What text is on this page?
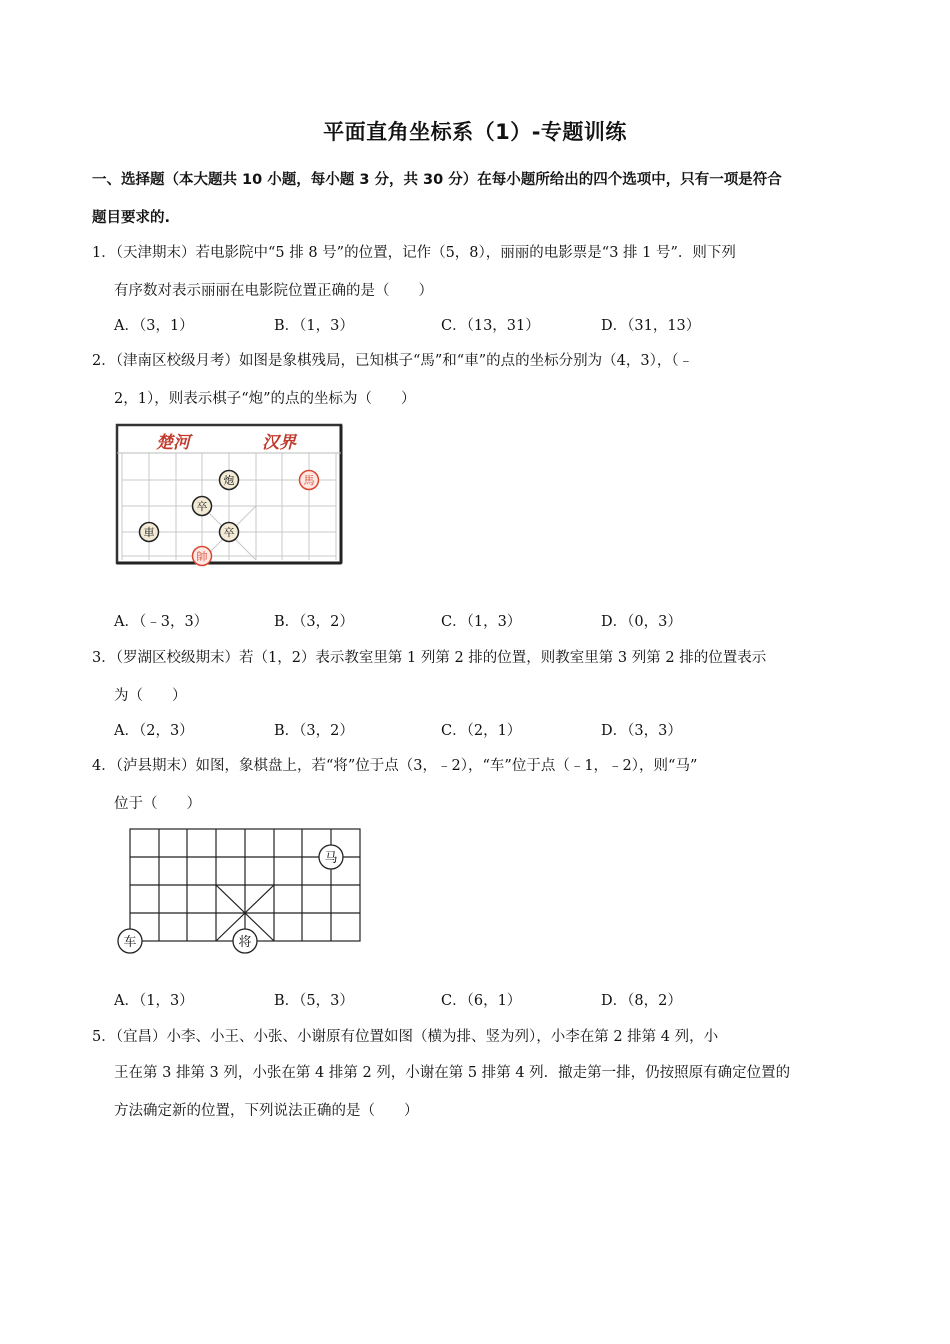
平面直角坐标系（1）-专题训练
一、选择题（本大题共 10 小题，每小题 3 分，共 30 分）在每小题所给出的四个选项中，只有一项是符合
题目要求的.
1．（天津期末）若电影院中“5 排 8 号”的位置，记作（5，8），丽丽的电影票是“3 排 1 号”．则下列
有序数对表示丽丽在电影院位置正确的是（　　）
A．（3，1）	B．（1，3）	C．（13，31）	D．（31，13）
2．（津南区校级月考）如图是象棋残局，已知棋子“馬”和“車”的点的坐标分别为（4，3），（﹣
2，1），则表示棋子“炮”的点的坐标为（　　）
楚河	汉界
炮	馬
卒
車	卒
帥
A．（﹣3，3）	B．（3，2）	C．（1，3）	D．（0，3）
3．（罗湖区校级期末）若（1，2）表示教室里第 1 列第 2 排的位置，则教室里第 3 列第 2 排的位置表示
为（　　）
A．（2，3）	B．（3，2）	C．（2，1）	D．（3，3）
4．（泸县期末）如图，象棋盘上，若“将”位于点（3，﹣2），“车”位于点（﹣1，﹣2），则“马”
位于（　　）
马
车	将
A．（1，3）	B．（5，3）	C．（6，1）	D．（8，2）
5．（宜昌）小李、小王、小张、小谢原有位置如图（横为排、竖为列），小李在第 2 排第 4 列，小
王在第 3 排第 3 列，小张在第 4 排第 2 列，小谢在第 5 排第 4 列．撤走第一排，仍按照原有确定位置的
方法确定新的位置，下列说法正确的是（　　）
